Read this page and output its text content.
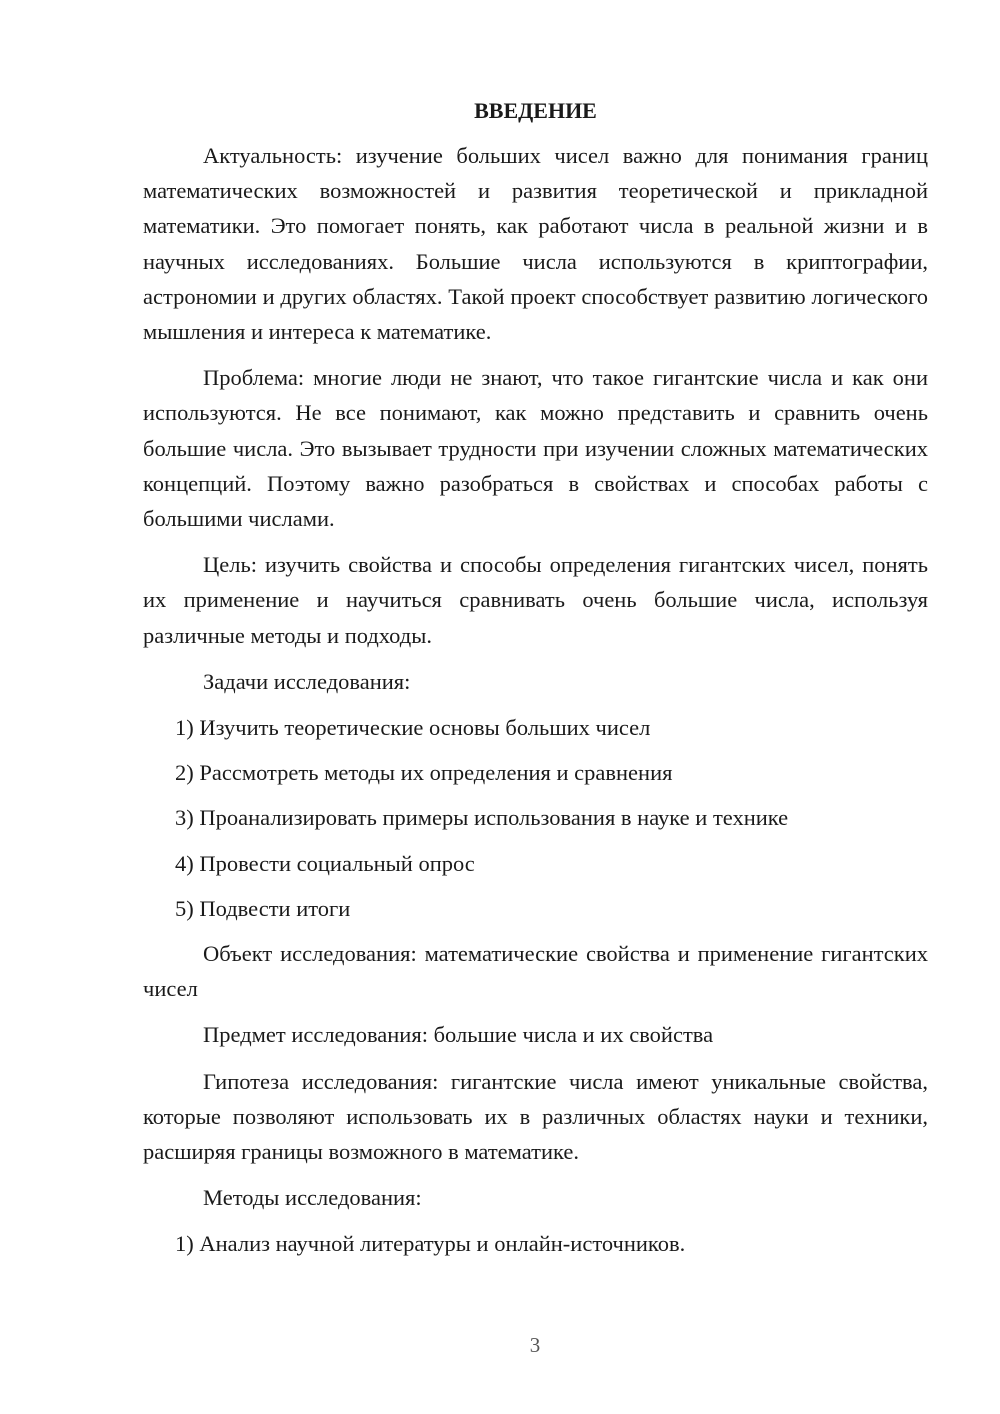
ВВЕДЕНИЕ

Актуальность: изучение больших чисел важно для понимания границ математических возможностей и развития теоретической и прикладной математики. Это помогает понять, как работают числа в реальной жизни и в научных исследованиях. Большие числа используются в криптографии, астрономии и других областях. Такой проект способствует развитию логического мышления и интереса к математике.

Проблема: многие люди не знают, что такое гигантские числа и как они используются. Не все понимают, как можно представить и сравнить очень большие числа. Это вызывает трудности при изучении сложных математических концепций. Поэтому важно разобраться в свойствах и способах работы с большими числами.

Цель: изучить свойства и способы определения гигантских чисел, понять их применение и научиться сравнивать очень большие числа, используя различные методы и подходы.

Задачи исследования:

1) Изучить теоретические основы больших чисел
2) Рассмотреть методы их определения и сравнения
3) Проанализировать примеры использования в науке и технике
4) Провести социальный опрос
5) Подвести итоги

Объект исследования: математические свойства и применение гигантских чисел

Предмет исследования: большие числа и их свойства

Гипотеза исследования: гигантские числа имеют уникальные свойства, которые позволяют использовать их в различных областях науки и техники, расширяя границы возможного в математике.

Методы исследования:

1) Анализ научной литературы и онлайн-источников.
3
